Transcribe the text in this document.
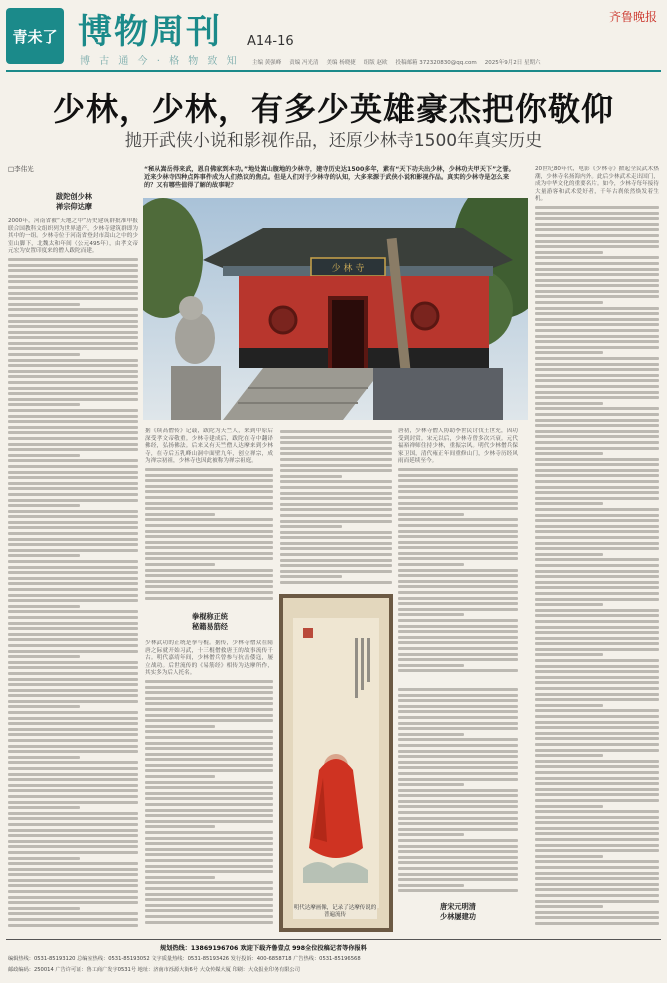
青未了 博物周刊 A14-16
博 古 通 今 · 格 物 致 知
齐鲁晚报
主编 黄强峰 责编 冯光清 美编 杨晓捷 组版 赵欧 投稿邮箱 372320830@qq.com 2025年9月2日 星期六
少林，少林，有多少英雄豪杰把你敬仰
抛开武侠小说和影视作品，还原少林寺1500年真实历史
□李伟光	“秘从嵩岳得来武，恩自佛家到本功。”地处嵩山腹地的少林寺，建寺历史达1500多年，素有“天下功夫出少林，少林功夫甲天下”之誉。近来少林寺四种点阵事件成为人们热议的焦点。但是人们对于少林寺的认知，大多来源于武侠小说和影视作品。真实的少林寺是怎么来的？又有哪些值得了解的故事呢？
跋陀创少林
禅宗仰达摩
2000年，河南省被“天地之中”历史建筑群批准申报联合国教科文组织列为世界遗产，少林寺建筑群即为其中的一组。少林寺位于河南省登封市嵩山之中的少室山脚下，北魏太和年间（公元495年），由孝文帝元宏为安置印度来的僧人跋陀而建。
少 林 寺
据《续高僧传》记载，跋陀为天竺人，来到中原后深受孝文帝敬重。少林寺建成后，跋陀在寺中翻译佛经，弘扬佛法。后来又有天竺僧人达摩来到少林寺，在寺后五乳峰山洞中面壁九年，创立禅宗，成为禅宗初祖，少林寺也因此被称为禅宗祖庭。
拳棍称正统
秘籍易筋经
少林武功的正统是拳与棍。据传，少林寺僧众在隋唐之际就开始习武，十三棍僧救唐王的故事流传千古。明代嘉靖年间，少林僧兵曾参与抗击倭寇，屡立战功。后世流传的《易筋经》相传为达摩所作，其实多为后人托名。
明代达摩画像，记录了达摩传说的普遍流传
唐初，少林寺僧人协助李世民讨伐王世充，因功受到封赏。宋元以后，少林寺曾多次兴衰。元代福裕禅师住持少林，重振宗风。明代少林僧兵保家卫国，清代雍正年间重修山门，少林寺历经风雨而延续至今。
唐宋元明清
少林屡建功
20世纪80年代，电影《少林寺》掀起全民武术热潮，少林寺名扬海内外。此后少林武术走出国门，成为中华文化的重要名片。如今，少林寺每年接待大量游客和武术爱好者，千年古刹依然焕发着生机。
规划热线：13869196706 欢迎下载齐鲁壹点 998全位投稿记者等你报料
编辑热线：0531-85193120 总编室热线：0531-85193052 文字质量热线：0531-85193426 发行投诉：400-6858718 广告热线：0531-85196568
邮政编码：250014 广告许可证：鲁工商广发字0531号 地址：济南市泺源大街6号 大众传媒大厦 印刷：大众报业印务有限公司
